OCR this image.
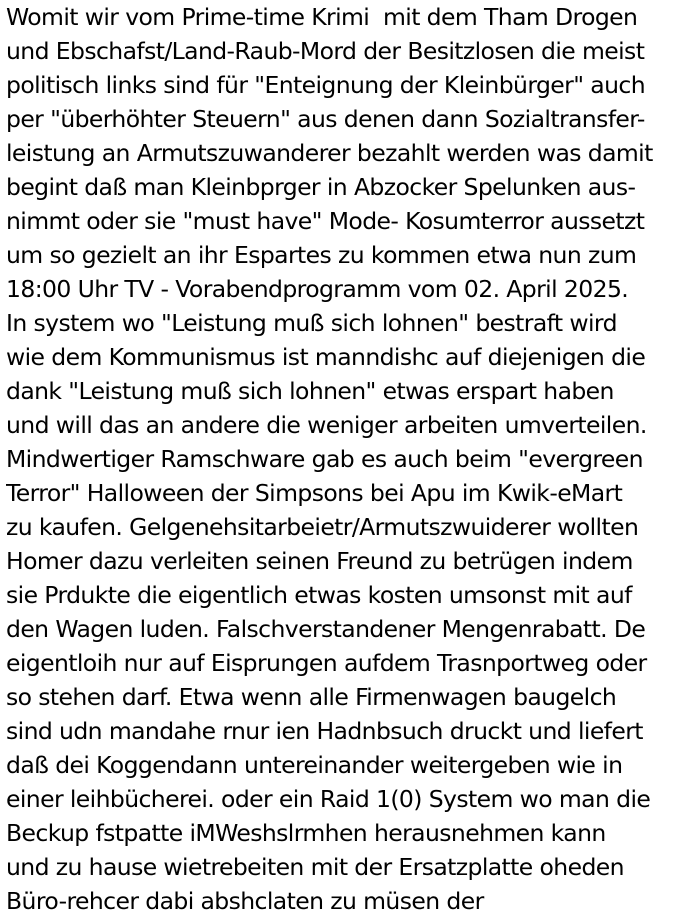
Womit wir vom Prime-time Krimi  mit dem Tham Drogen
und Ebschafst/Land-Raub-Mord der Besitzlosen die meist
politisch links sind für "Enteignung der Kleinbürger" auch
per "überhöhter Steuern" aus denen dann Sozialtransfer-
leistung an Armutszuwanderer bezahlt werden was damit
begint daß man Kleinbprger in Abzocker Spelunken aus-
nimmt oder sie "must have" Mode- Kosumterror aussetzt
um so gezielt an ihr Espartes zu kommen etwa nun zum
18:00 Uhr TV - Vorabendprogramm vom 02. April 2025.
In system wo "Leistung muß sich lohnen" bestraft wird
wie dem Kommunismus ist manndishc auf diejenigen die
dank "Leistung muß sich lohnen" etwas erspart haben
und will das an andere die weniger arbeiten umverteilen.
Mindwertiger Ramschware gab es auch beim "evergreen
Terror" Halloween der Simpsons bei Apu im Kwik-eMart
zu kaufen. Gelgenehsitarbeietr/Armutszwuiderer wollten
Homer dazu verleiten seinen Freund zu betrügen indem
sie Prdukte die eigentlich etwas kosten umsonst mit auf
den Wagen luden. Falschverstandener Mengenrabatt. De
eigentloih nur auf Eisprungen aufdem Trasnportweg oder
so stehen darf. Etwa wenn alle Firmenwagen baugelch
sind udn mandahe rnur ien Hadnbsuch druckt und liefert
daß dei Koggendann untereinander weitergeben wie in
einer leihbücherei. oder ein Raid 1(0) System wo man die
Beckup fstpatte iMWeshslrmhen herausnehmen kann
und zu hause wietrebeiten mit der Ersatzplatte oheden
Büro-rehcer dabi abshclaten zu müsen der
